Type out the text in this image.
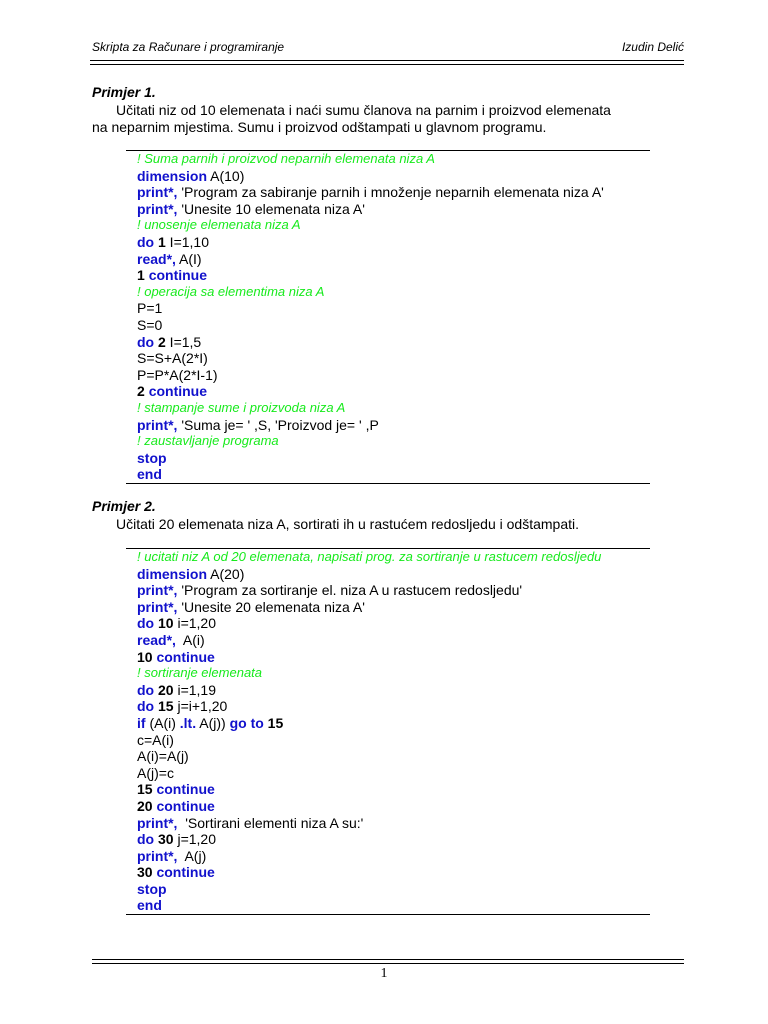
Skripta za Računare i programiranje	Izudin Delić
Primjer 1.
Učitati niz od 10 elemenata i naći sumu članova na parnim i proizvod elemenata
na neparnim mjestima. Sumu i proizvod odštampati u glavnom programu.
! Suma parnih i proizvod neparnih elemenata niza A
dimension A(10)
print*, 'Program za sabiranje parnih i množenje neparnih elemenata niza A'
print*, 'Unesite 10 elemenata niza A'
! unosenje elemenata niza A
do 1 I=1,10
read*, A(I)
1 continue
! operacija sa elementima niza A
P=1
S=0
do 2 I=1,5
S=S+A(2*I)
P=P*A(2*I-1)
2 continue
! stampanje sume i proizvoda niza A
print*, 'Suma je= ' ,S, 'Proizvod je= ' ,P
! zaustavljanje programa
stop
end
Primjer 2.
Učitati 20 elemenata niza A, sortirati ih u rastućem redosljedu i odštampati.
! ucitati niz A od 20 elemenata, napisati prog. za sortiranje u rastucem redosljedu
dimension A(20)
print*, 'Program za sortiranje el. niza A u rastucem redosljedu'
print*, 'Unesite 20 elemenata niza A'
do 10 i=1,20
read*,  A(i)
10 continue
! sortiranje elemenata
do 20 i=1,19
do 15 j=i+1,20
if (A(i) .lt. A(j)) go to 15
c=A(i)
A(i)=A(j)
A(j)=c
15 continue
20 continue
print*,  'Sortirani elementi niza A su:'
do 30 j=1,20
print*,  A(j)
30 continue
stop
end
1
